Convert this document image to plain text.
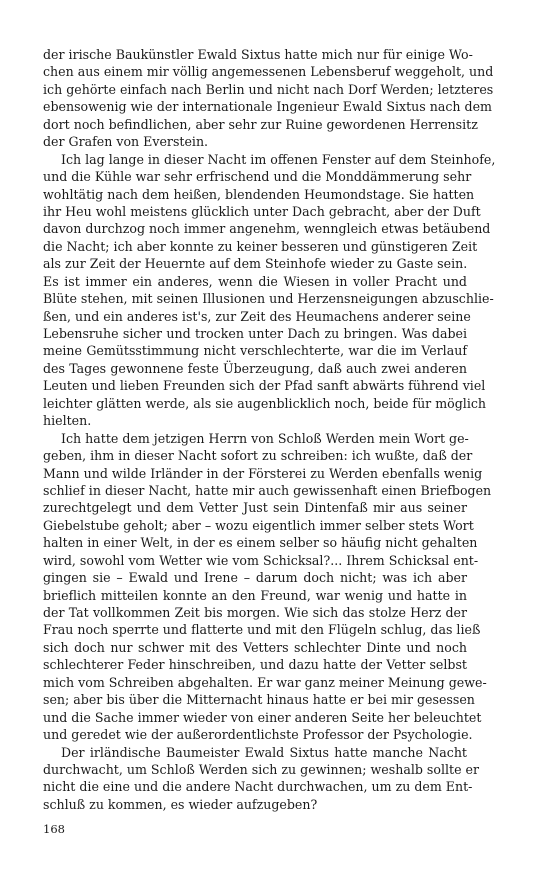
der irische Baukünstler Ewald Sixtus hatte mich nur für einige Wo-
chen aus einem mir völlig angemessenen Lebensberuf weggeholt, und
ich gehörte einfach nach Berlin und nicht nach Dorf Werden; letzteres
ebensowenig wie der internationale Ingenieur Ewald Sixtus nach dem
dort noch befindlichen, aber sehr zur Ruine gewordenen Herrensitz
der Grafen von Everstein.
Ich lag lange in dieser Nacht im offenen Fenster auf dem Steinhofe,
und die Kühle war sehr erfrischend und die Monddämmerung sehr
wohltätig nach dem heißen, blendenden Heumondstage. Sie hatten
ihr Heu wohl meistens glücklich unter Dach gebracht, aber der Duft
davon durchzog noch immer angenehm, wenngleich etwas betäubend
die Nacht; ich aber konnte zu keiner besseren und günstigeren Zeit
als zur Zeit der Heuernte auf dem Steinhofe wieder zu Gaste sein.
Es ist immer ein anderes, wenn die Wiesen in voller Pracht und
Blüte stehen, mit seinen Illusionen und Herzensneigungen abzuschlie-
ßen, und ein anderes ist's, zur Zeit des Heumachens anderer seine
Lebensruhe sicher und trocken unter Dach zu bringen. Was dabei
meine Gemütsstimmung nicht verschlechterte, war die im Verlauf
des Tages gewonnene feste Überzeugung, daß auch zwei anderen
Leuten und lieben Freunden sich der Pfad sanft abwärts führend viel
leichter glätten werde, als sie augenblicklich noch, beide für möglich
hielten.
Ich hatte dem jetzigen Herrn von Schloß Werden mein Wort ge-
geben, ihm in dieser Nacht sofort zu schreiben: ich wußte, daß der
Mann und wilde Irländer in der Försterei zu Werden ebenfalls wenig
schlief in dieser Nacht, hatte mir auch gewissenhaft einen Briefbogen
zurechtgelegt und dem Vetter Just sein Dintenfaß mir aus seiner
Giebelstube geholt; aber – wozu eigentlich immer selber stets Wort
halten in einer Welt, in der es einem selber so häufig nicht gehalten
wird, sowohl vom Wetter wie vom Schicksal?... Ihrem Schicksal ent-
gingen sie – Ewald und Irene – darum doch nicht; was ich aber
brieflich mitteilen konnte an den Freund, war wenig und hatte in
der Tat vollkommen Zeit bis morgen. Wie sich das stolze Herz der
Frau noch sperrte und flatterte und mit den Flügeln schlug, das ließ
sich doch nur schwer mit des Vetters schlechter Dinte und noch
schlechterer Feder hinschreiben, und dazu hatte der Vetter selbst
mich vom Schreiben abgehalten. Er war ganz meiner Meinung gewe-
sen; aber bis über die Mitternacht hinaus hatte er bei mir gesessen
und die Sache immer wieder von einer anderen Seite her beleuchtet
und geredet wie der außerordentlichste Professor der Psychologie.
Der irländische Baumeister Ewald Sixtus hatte manche Nacht
durchwacht, um Schloß Werden sich zu gewinnen; weshalb sollte er
nicht die eine und die andere Nacht durchwachen, um zu dem Ent-
schluß zu kommen, es wieder aufzugeben?
168
